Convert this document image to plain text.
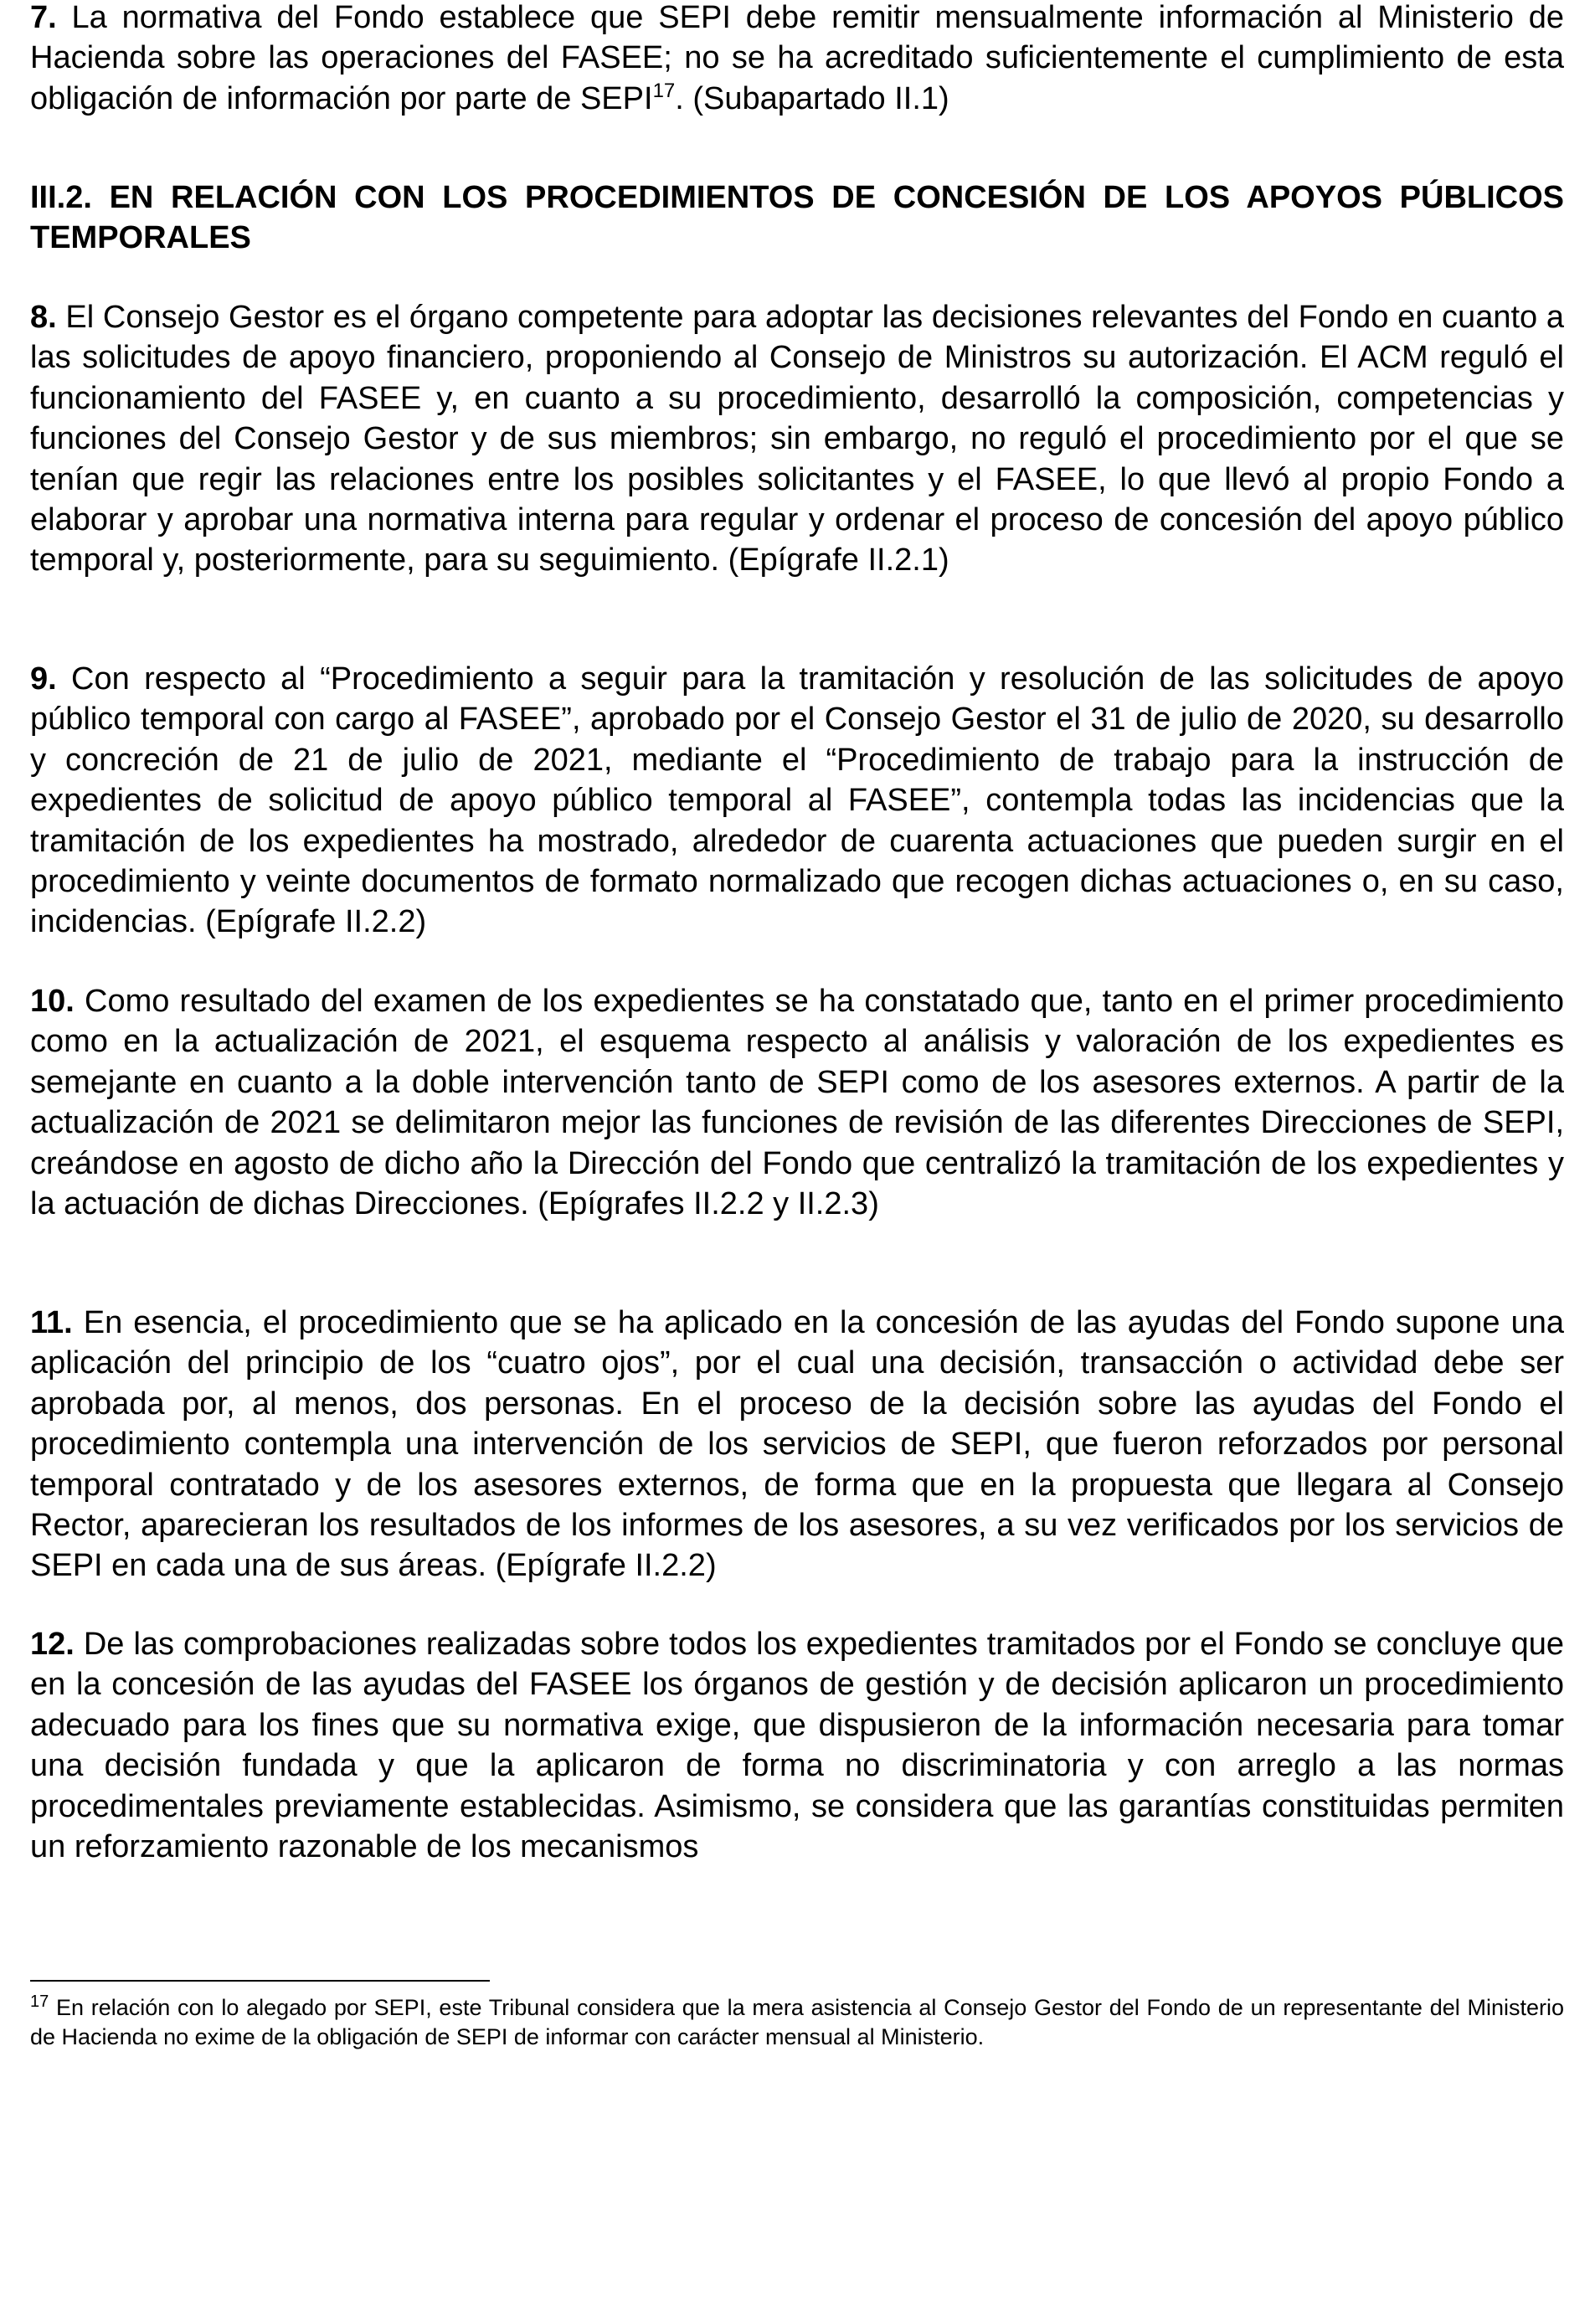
7. La normativa del Fondo establece que SEPI debe remitir mensualmente información al Ministerio de Hacienda sobre las operaciones del FASEE; no se ha acreditado suficientemente el cumplimiento de esta obligación de información por parte de SEPI$^{17}$. (Subapartado II.1)

III.2. EN RELACIÓN CON LOS PROCEDIMIENTOS DE CONCESIÓN DE LOS APOYOS PÚBLICOS TEMPORALES

8. El Consejo Gestor es el órgano competente para adoptar las decisiones relevantes del Fondo en cuanto a las solicitudes de apoyo financiero, proponiendo al Consejo de Ministros su autorización. El ACM reguló el funcionamiento del FASEE y, en cuanto a su procedimiento, desarrolló la composición, competencias y funciones del Consejo Gestor y de sus miembros; sin embargo, no reguló el procedimiento por el que se tenían que regir las relaciones entre los posibles solicitantes y el FASEE, lo que llevó al propio Fondo a elaborar y aprobar una normativa interna para regular y ordenar el proceso de concesión del apoyo público temporal y, posteriormente, para su seguimiento. (Epígrafe II.2.1)

9. Con respecto al “Procedimiento a seguir para la tramitación y resolución de las solicitudes de apoyo público temporal con cargo al FASEE”, aprobado por el Consejo Gestor el 31 de julio de 2020, su desarrollo y concreción de 21 de julio de 2021, mediante el “Procedimiento de trabajo para la instrucción de expedientes de solicitud de apoyo público temporal al FASEE”, contempla todas las incidencias que la tramitación de los expedientes ha mostrado, alrededor de cuarenta actuaciones que pueden surgir en el procedimiento y veinte documentos de formato normalizado que recogen dichas actuaciones o, en su caso, incidencias. (Epígrafe II.2.2)

10. Como resultado del examen de los expedientes se ha constatado que, tanto en el primer procedimiento como en la actualización de 2021, el esquema respecto al análisis y valoración de los expedientes es semejante en cuanto a la doble intervención tanto de SEPI como de los asesores externos. A partir de la actualización de 2021 se delimitaron mejor las funciones de revisión de las diferentes Direcciones de SEPI, creándose en agosto de dicho año la Dirección del Fondo que centralizó la tramitación de los expedientes y la actuación de dichas Direcciones. (Epígrafes II.2.2 y II.2.3)

11. En esencia, el procedimiento que se ha aplicado en la concesión de las ayudas del Fondo supone una aplicación del principio de los “cuatro ojos”, por el cual una decisión, transacción o actividad debe ser aprobada por, al menos, dos personas. En el proceso de la decisión sobre las ayudas del Fondo el procedimiento contempla una intervención de los servicios de SEPI, que fueron reforzados por personal temporal contratado y de los asesores externos, de forma que en la propuesta que llegara al Consejo Rector, aparecieran los resultados de los informes de los asesores, a su vez verificados por los servicios de SEPI en cada una de sus áreas. (Epígrafe II.2.2)

12. De las comprobaciones realizadas sobre todos los expedientes tramitados por el Fondo se concluye que en la concesión de las ayudas del FASEE los órganos de gestión y de decisión aplicaron un procedimiento adecuado para los fines que su normativa exige, que dispusieron de la información necesaria para tomar una decisión fundada y que la aplicaron de forma no discriminatoria y con arreglo a las normas procedimentales previamente establecidas. Asimismo, se considera que las garantías constituidas permiten un reforzamiento razonable de los mecanismos

$^{17}$ En relación con lo alegado por SEPI, este Tribunal considera que la mera asistencia al Consejo Gestor del Fondo de un representante del Ministerio de Hacienda no exime de la obligación de SEPI de informar con carácter mensual al Ministerio.
